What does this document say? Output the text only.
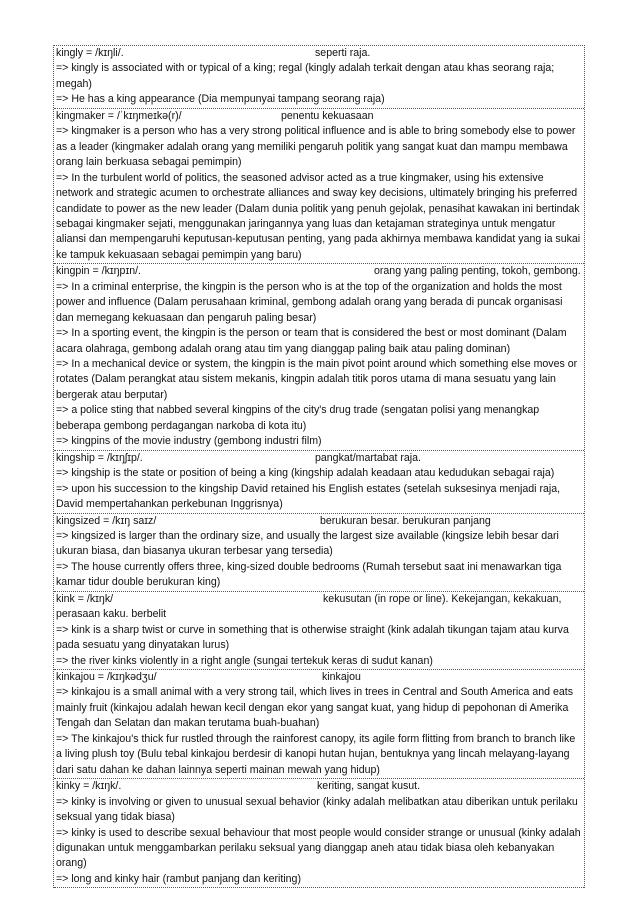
kingly = /kɪŋli/.	seperti raja.
=> kingly is associated with or typical of a king; regal (kingly adalah terkait dengan atau khas seorang raja; megah)
=> He has a king appearance (Dia mempunyai tampang seorang raja)
kingmaker = /ˈkɪŋmeɪkə(r)/	penentu kekuasaan
=> kingmaker is a person who has a very strong political influence and is able to bring somebody else to power as a leader (kingmaker adalah orang yang memiliki pengaruh politik yang sangat kuat dan mampu membawa orang lain berkuasa sebagai pemimpin)
=> In the turbulent world of politics, the seasoned advisor acted as a true kingmaker, using his extensive network and strategic acumen to orchestrate alliances and sway key decisions, ultimately bringing his preferred candidate to power as the new leader (Dalam dunia politik yang penuh gejolak, penasihat kawakan ini bertindak sebagai kingmaker sejati, menggunakan jaringannya yang luas dan ketajaman strateginya untuk mengatur aliansi dan mempengaruhi keputusan-keputusan penting, yang pada akhirnya membawa kandidat yang ia sukai ke tampuk kekuasaan sebagai pemimpin yang baru)
kingpin = /kɪŋpɪn/.	orang yang paling penting, tokoh, gembong.
=> In a criminal enterprise, the kingpin is the person who is at the top of the organization and holds the most power and influence (Dalam perusahaan kriminal, gembong adalah orang yang berada di puncak organisasi dan memegang kekuasaan dan pengaruh paling besar)
=> In a sporting event, the kingpin is the person or team that is considered the best or most dominant (Dalam acara olahraga, gembong adalah orang atau tim yang dianggap paling baik atau paling dominan)
=> In a mechanical device or system, the kingpin is the main pivot point around which something else moves or rotates (Dalam perangkat atau sistem mekanis, kingpin adalah titik poros utama di mana sesuatu yang lain bergerak atau berputar)
=> a police sting that nabbed several kingpins of the city's drug trade (sengatan polisi yang menangkap beberapa gembong perdagangan narkoba di kota itu)
=> kingpins of the movie industry (gembong industri film)
kingship = /kɪŋʃɪp/.	pangkat/martabat raja.
=> kingship is the state or position of being a king (kingship adalah keadaan atau kedudukan sebagai raja)
=> upon his succession to the kingship David retained his English estates (setelah suksesinya menjadi raja, David mempertahankan perkebunan Inggrisnya)
kingsized = /kɪŋ saɪz/	berukuran besar. berukuran panjang
=> kingsized is larger than the ordinary size, and usually the largest size available (kingsize lebih besar dari ukuran biasa, dan biasanya ukuran terbesar yang tersedia)
=> The house currently offers three, king-sized double bedrooms (Rumah tersebut saat ini menawarkan tiga kamar tidur double berukuran king)
kink = /kɪŋk/	kekusutan (in rope or line). Kekejangan, kekakuan,
perasaan kaku. berbelit
=> kink is a sharp twist or curve in something that is otherwise straight (kink adalah tikungan tajam atau kurva pada sesuatu yang dinyatakan lurus)
=> the river kinks violently in a right angle (sungai tertekuk keras di sudut kanan)
kinkajou = /kɪŋkədʒu/	kinkajou
=> kinkajou is a small animal with a very strong tail, which lives in trees in Central and South America and eats mainly fruit (kinkajou adalah hewan kecil dengan ekor yang sangat kuat, yang hidup di pepohonan di Amerika Tengah dan Selatan dan makan terutama buah-buahan)
=> The kinkajou's thick fur rustled through the rainforest canopy, its agile form flitting from branch to branch like a living plush toy (Bulu tebal kinkajou berdesir di kanopi hutan hujan, bentuknya yang lincah melayang-layang dari satu dahan ke dahan lainnya seperti mainan mewah yang hidup)
kinky = /kɪŋk/.	keriting, sangat kusut.
=> kinky is involving or given to unusual sexual behavior (kinky adalah melibatkan atau diberikan untuk perilaku seksual yang tidak biasa)
=> kinky is used to describe sexual behaviour that most people would consider strange or unusual (kinky adalah digunakan untuk menggambarkan perilaku seksual yang dianggap aneh atau tidak biasa oleh kebanyakan orang)
=> long and kinky hair (rambut panjang dan keriting)
